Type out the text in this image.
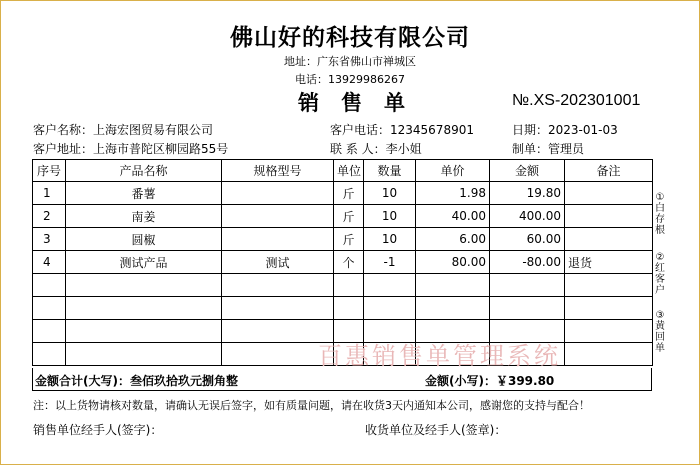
佛山好的科技有限公司
地址：广东省佛山市禅城区
电话：13929986267
销售单	№.XS-202301001
客户名称：上海宏图贸易有限公司	客户电话：12345678901	日期：2023-01-03
客户地址：上海市普陀区柳园路55号	联 系 人：李小姐	制单：管理员
序号	产品名称	规格型号	单位	数量	单价	金额	备注
1	番薯		斤	10	1.98	19.80	
2	南姜		斤	10	40.00	400.00	
3	圆椒		斤	10	6.00	60.00	
4	测试产品	测试	个	-1	80.00	-80.00	退货

金额合计(大写)：叁佰玖拾玖元捌角整	金额(小写)：￥399.80
百惠销售单管理系统
①白存根
②红客户
③黄回单
注：以上货物请核对数量，请确认无误后签字，如有质量问题，请在收货3天内通知本公司，感谢您的支持与配合！
销售单位经手人(签字)：	收货单位及经手人(签章)：
